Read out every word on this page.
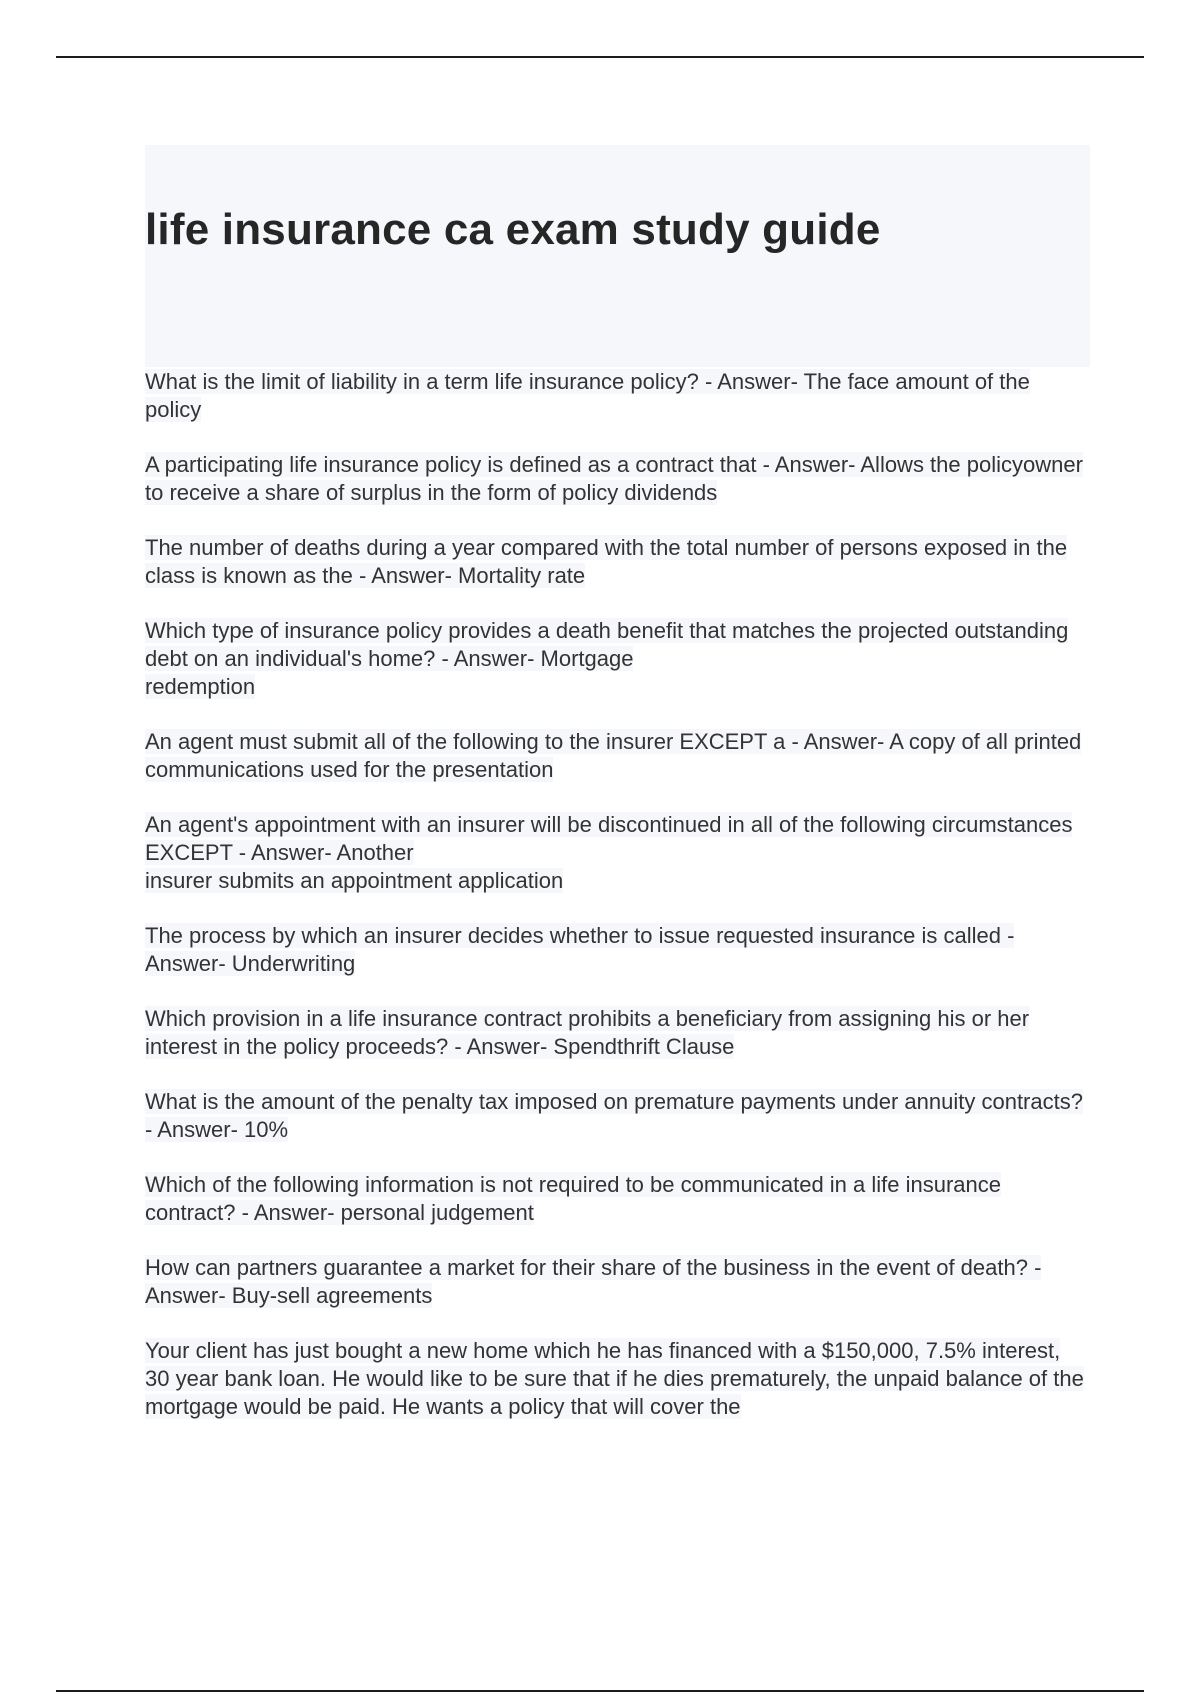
life insurance ca exam study guide
What is the limit of liability in a term life insurance policy? - Answer- The face amount of the policy
A participating life insurance policy is defined as a contract that - Answer- Allows the policyowner to receive a share of surplus in the form of policy dividends
The number of deaths during a year compared with the total number of persons exposed in the class is known as the - Answer- Mortality rate
Which type of insurance policy provides a death benefit that matches the projected outstanding debt on an individual's home? - Answer- Mortgage
redemption
An agent must submit all of the following to the insurer EXCEPT a - Answer- A copy of all printed communications used for the presentation
An agent's appointment with an insurer will be discontinued in all of the following circumstances EXCEPT - Answer- Another
insurer submits an appointment application
The process by which an insurer decides whether to issue requested insurance is called - Answer- Underwriting
Which provision in a life insurance contract prohibits a beneficiary from assigning his or her interest in the policy proceeds? - Answer- Spendthrift Clause
What is the amount of the penalty tax imposed on premature payments under annuity contracts? - Answer- 10%
Which of the following information is not required to be communicated in a life insurance contract? - Answer- personal judgement
How can partners guarantee a market for their share of the business in the event of death? - Answer- Buy-sell agreements
Your client has just bought a new home which he has financed with a $150,000, 7.5% interest, 30 year bank loan. He would like to be sure that if he dies prematurely, the unpaid balance of the mortgage would be paid. He wants a policy that will cover the
